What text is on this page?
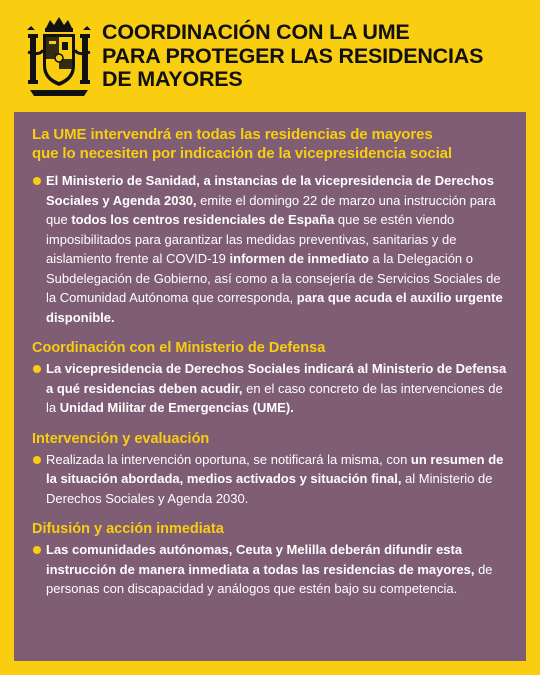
COORDINACIÓN CON LA UME
PARA PROTEGER LAS RESIDENCIAS
DE MAYORES
La UME intervendrá en todas las residencias de mayores
que lo necesiten por indicación de la vicepresidencia social
El Ministerio de Sanidad, a instancias de la vicepresidencia de Derechos Sociales y Agenda 2030, emite el domingo 22 de marzo una instrucción para que todos los centros residenciales de España que se estén viendo imposibilitados para garantizar las medidas preventivas, sanitarias y de aislamiento frente al COVID-19 informen de inmediato a la Delegación o Subdelegación de Gobierno, así como a la consejería de Servicios Sociales de la Comunidad Autónoma que corresponda, para que acuda el auxilio urgente disponible.
Coordinación con el Ministerio de Defensa
La vicepresidencia de Derechos Sociales indicará al Ministerio de Defensa a qué residencias deben acudir, en el caso concreto de las intervenciones de la Unidad Militar de Emergencias (UME).
Intervención y evaluación
Realizada la intervención oportuna, se notificará la misma, con un resumen de la situación abordada, medios activados y situación final, al Ministerio de Derechos Sociales y Agenda 2030.
Difusión y acción inmediata
Las comunidades autónomas, Ceuta y Melilla deberán difundir esta instrucción de manera inmediata a todas las residencias de mayores, de personas con discapacidad y análogos que estén bajo su competencia.
